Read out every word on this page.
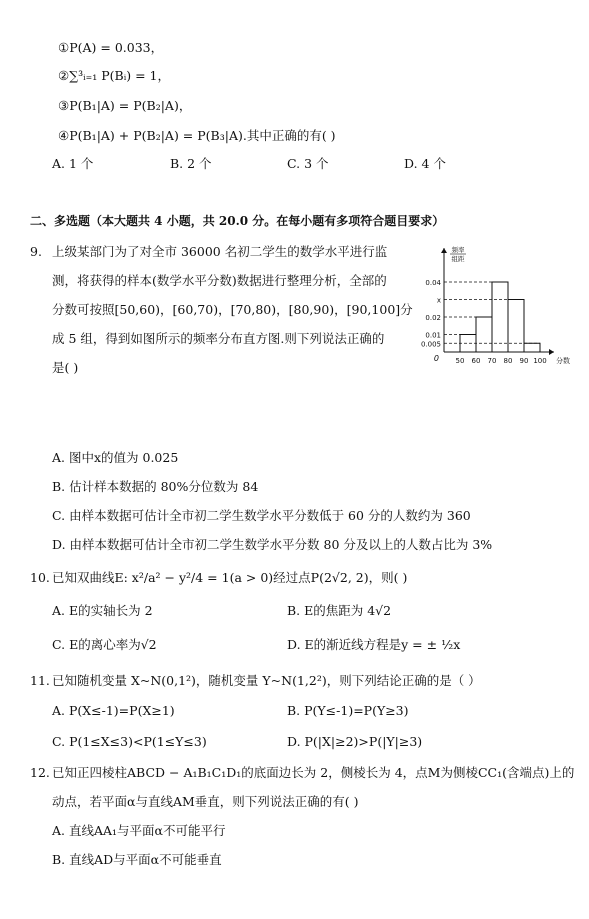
①P(A) = 0.033，
②∑³ᵢ₌₁ P(Bᵢ) = 1，
③P(B₁|A) = P(B₂|A)，
④P(B₁|A) + P(B₂|A) = P(B₃|A).其中正确的有( )
A. 1 个	B. 2 个	C. 3 个	D. 4 个
二、多选题（本大题共 4 小题，共 20.0 分。在每小题有多项符合题目要求）
9. 上级某部门为了对全市 36000 名初二学生的数学水平进行监
测，将获得的样本(数学水平分数)数据进行整理分析，全部的
分数可按照[50,60)，[60,70)，[70,80)，[80,90)，[90,100]分
成 5 组，得到如图所示的频率分布直方图.则下列说法正确的
是( )
0.04
x
0.02
0.01
0.005
50 60 70 80 90 100
0	分数
频率
组距
A. 图中x的值为 0.025
B. 估计样本数据的 80%分位数为 84
C. 由样本数据可估计全市初二学生数学水平分数低于 60 分的人数约为 360
D. 由样本数据可估计全市初二学生数学水平分数 80 分及以上的人数占比为 3%
10. 已知双曲线E: x²/a² − y²/4 = 1(a > 0)经过点P(2√2, 2)，则( )
A. E的实轴长为 2	B. E的焦距为 4√2
C. E的离心率为√2	D. E的渐近线方程是y = ± ½x
11. 已知随机变量 X~N(0,1²)，随机变量 Y~N(1,2²)，则下列结论正确的是（ ）
A. P(X≤-1)=P(X≥1)	B. P(Y≤-1)=P(Y≥3)
C. P(1≤X≤3)<P(1≤Y≤3)	D. P(|X|≥2)>P(|Y|≥3)
12. 已知正四棱柱ABCD − A₁B₁C₁D₁的底面边长为 2，侧棱长为 4，点M为侧棱CC₁(含端点)上的
动点，若平面α与直线AM垂直，则下列说法正确的有( )
A. 直线AA₁与平面α不可能平行
B. 直线AD与平面α不可能垂直
